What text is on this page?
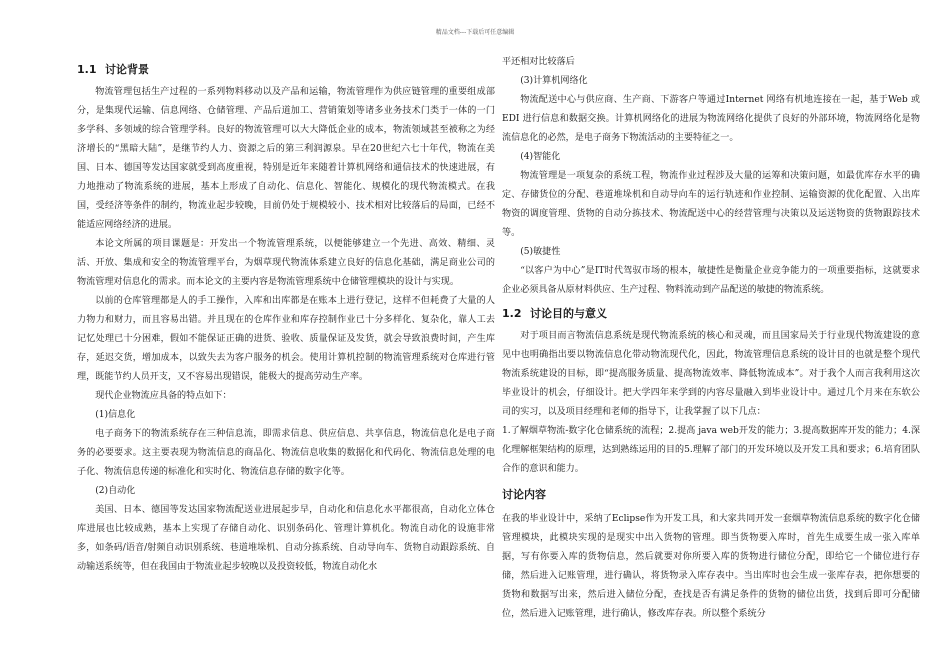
精品文档---下载后可任意编辑
1.1 讨论背景

物流管理包括生产过程的一系列物料移动以及产品和运输，物流管理作为供应链管理的重要组成部分，是集现代运输、信息网络、仓储管理、产品后道加工、营销策划等诸多业务技术门类于一体的一门多学科、多领域的综合管理学科。良好的物流管理可以大大降低企业的成本，物流领域甚至被称之为经济增长的“黑暗大陆”，是继节约人力、资源之后的第三利润源泉。早在20世纪六七十年代，物流在美国、日本、德国等发达国家就受到高度重视，特别是近年来随着计算机网络和通信技术的快速进展，有力地推动了物流系统的进展，基本上形成了自动化、信息化、智能化、规模化的现代物流模式。在我国，受经济等条件的制约，物流业起步较晚，目前仍处于规模较小、技术相对比较落后的局面，已经不能适应网络经济的进展。

本论文所属的项目课题是：开发出一个物流管理系统，以便能够建立一个先进、高效、精细、灵活、开放、集成和安全的物流管理平台，为烟草现代物流体系建立良好的信息化基础，满足商业公司的物流管理对信息化的需求。而本论文的主要内容是物流管理系统中仓储管理模块的设计与实现。

以前的仓库管理都是人的手工操作，入库和出库都是在账本上进行登记，这样不但耗费了大量的人力物力和财力，而且容易出错。并且现在的仓库作业和库存控制作业已十分多样化、复杂化，靠人工去记忆处理已十分困难，假如不能保证正确的进货、验收、质量保证及发货，就会导致浪费时间，产生库存，延迟交货，增加成本，以致失去为客户服务的机会。使用计算机控制的物流管理系统对仓库进行管理，既能节约人员开支，又不容易出现错误，能极大的提高劳动生产率。

现代企业物流应具备的特点如下：

(1)信息化

电子商务下的物流系统存在三种信息流，即需求信息、供应信息、共享信息，物流信息化是电子商务的必要要求。这主要表现为物流信息的商品化、物流信息收集的数据化和代码化、物流信息处理的电子化、物流信息传递的标准化和实时化、物流信息存储的数字化等。

(2)自动化

美国、日本、德国等发达国家物流配送业进展起步早，自动化和信息化水平都很高，自动化立体仓库进展也比较成熟，基本上实现了存储自动化、识别条码化、管理计算机化。物流自动化的设施非常多，如条码/语音/射频自动识别系统、巷道堆垛机、自动分拣系统、自动导向车、货物自动跟踪系统、自动输送系统等，但在我国由于物流业起步较晚以及投资较低，物流自动化水

平还相对比较落后

(3)计算机网络化

物流配送中心与供应商、生产商、下游客户等通过Internet 网络有机地连接在一起，基于Web 或EDI 进行信息和数据交换。计算机网络化的进展为物流网络化提供了良好的外部环境，物流网络化是物流信息化的必然，是电子商务下物流活动的主要特征之一。

(4)智能化

物流管理是一项复杂的系统工程，物流作业过程涉及大量的运筹和决策问题，如最优库存水平的确定、存储货位的分配、巷道堆垛机和自动导向车的运行轨迹和作业控制、运输资源的优化配置、入出库物资的调度管理、货物的自动分拣技术、物流配送中心的经营管理与决策以及运送物资的货物跟踪技术等。

(5)敏捷性

“以客户为中心”是IT时代驾驭市场的根本，敏捷性是衡量企业竞争能力的一项重要指标，这就要求企业必须具备从原材料供应、生产过程、物料流动到产品配送的敏捷的物流系统。

1.2 讨论目的与意义

对于项目而言物流信息系统是现代物流系统的核心和灵魂，而且国家局关于行业现代物流建设的意见中也明确指出要以物流信息化带动物流现代化，因此，物流管理信息系统的设计目的也就是整个现代物流系统建设的目标，即“提高服务质量、提高物流效率、降低物流成本”。对于我个人而言我利用这次毕业设计的机会，仔细设计。把大学四年来学到的内容尽量融入到毕业设计中。通过几个月来在东软公司的实习，以及项目经理和老师的指导下，让我掌握了以下几点：

1.了解烟草物流-数字化仓储系统的流程；2.提高 java web开发的能力；3.提高数据库开发的能力；4.深化理解框架结构的原理，达到熟练运用的目的5.理解了部门的开发环境以及开发工具和要求；6.培育团队合作的意识和能力。

讨论内容

在我的毕业设计中，采纳了Eclipse作为开发工具，和大家共同开发一套烟草物流信息系统的数字化仓储管理模块，此模块实现的是现实中出入货物的管理。即当货物要入库时，首先生成要生成一张入库单据，写有你要入库的货物信息，然后就要对你所要入库的货物进行储位分配，即给它一个储位进行存储，然后进入记账管理，进行确认，将货物录入库存表中。当出库时也会生成一张库存表，把你想要的货物和数据写出来，然后进入储位分配，查找是否有满足条件的货物的储位出货，找到后即可分配储位，然后进入记账管理，进行确认，修改库存表。所以整个系统分
